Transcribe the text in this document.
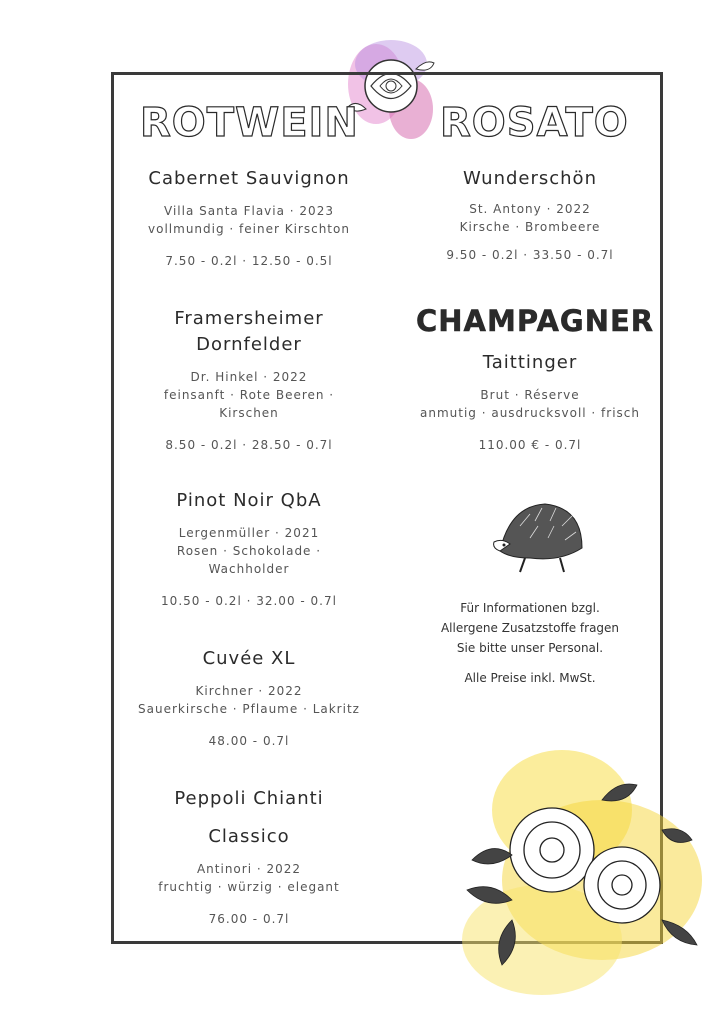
ROTWEIN ROSATO
CHAMPAGNER
Cabernet Sauvignon
Villa Santa Flavia · 2023
vollmundig · feiner Kirschton
7.50 - 0.2l · 12.50 - 0.5l
Framersheimer Dornfelder
Dr. Hinkel · 2022
feinsanft · Rote Beeren ·
Kirschen
8.50 - 0.2l · 28.50 - 0.7l
Pinot Noir QbA
Lergenmüller · 2021
Rosen · Schokolade ·
Wachholder
10.50 - 0.2l · 32.00 - 0.7l
Cuvée XL
Kirchner · 2022
Sauerkirsche · Pflaume · Lakritz
48.00 - 0.7l
Peppoli Chianti
Classico
Antinori · 2022
fruchtig · würzig · elegant
76.00 - 0.7l
Wunderschön
St. Antony · 2022
Kirsche · Brombeere
9.50 - 0.2l · 33.50 - 0.7l
Taittinger
Brut · Réserve
anmutig · ausdrucksvoll · frisch
110.00 € - 0.7l
Für Informationen bzgl.
Allergene Zusatzstoffe fragen
Sie bitte unser Personal.
Alle Preise inkl. MwSt.
